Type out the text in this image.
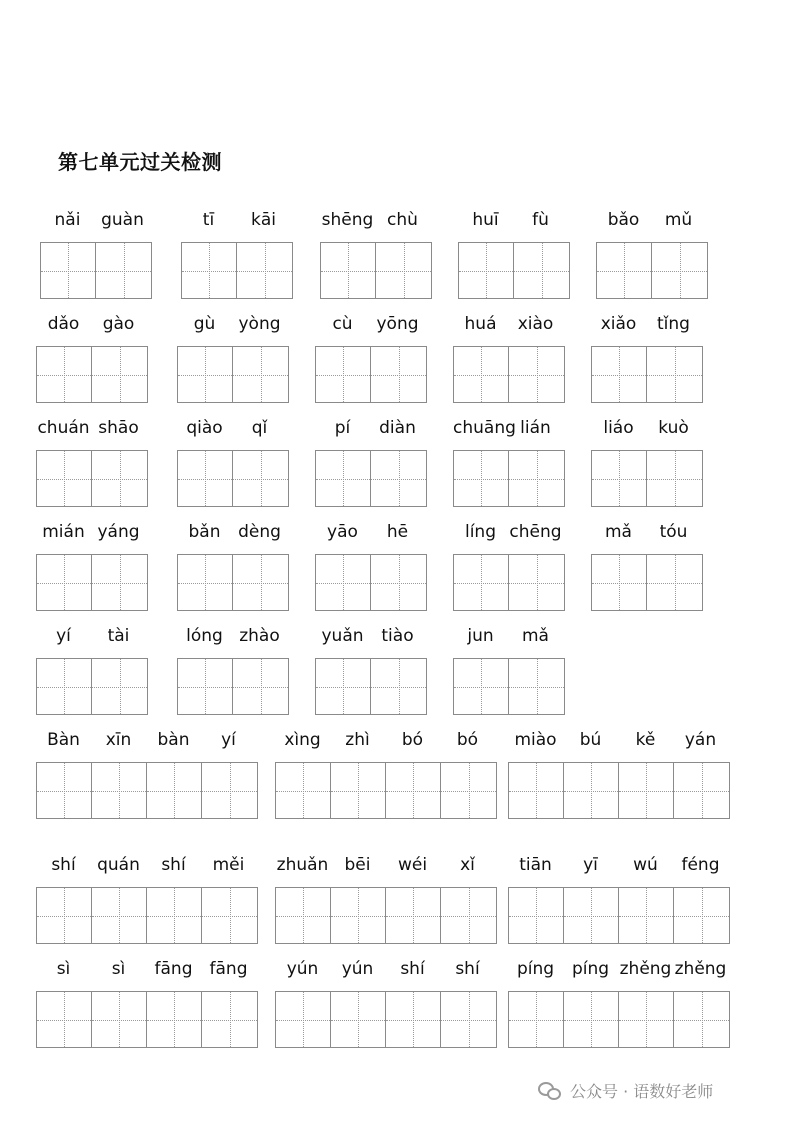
第七单元过关检测
nǎi	guàn	tī	kāi	shēng chù	huī	fù	bǎo	mǔ
dǎo	gào	gù	yòng	cù	yōng	huá	xiào	xiǎo	tǐng
chuán shāo	qiào	qǐ	pí	diàn	chuāng lián	liáo	kuò
mián yáng	bǎn	dèng	yāo	hē	líng chēng	mǎ	tóu
yí	tài	lóng zhào	yuǎn	tiào	jun	mǎ
Bàn	xīn	bàn	yí	xìng	zhì	bó	bó	miào	bú	kě	yán
shí	quán	shí	měi	zhuǎn bēi	wéi	xǐ	tiān	yī	wú	féng
sì	sì	fāng	fāng	yún	yún	shí	shí	píng	píng zhěng zhěng
公众号 · 语数好老师
